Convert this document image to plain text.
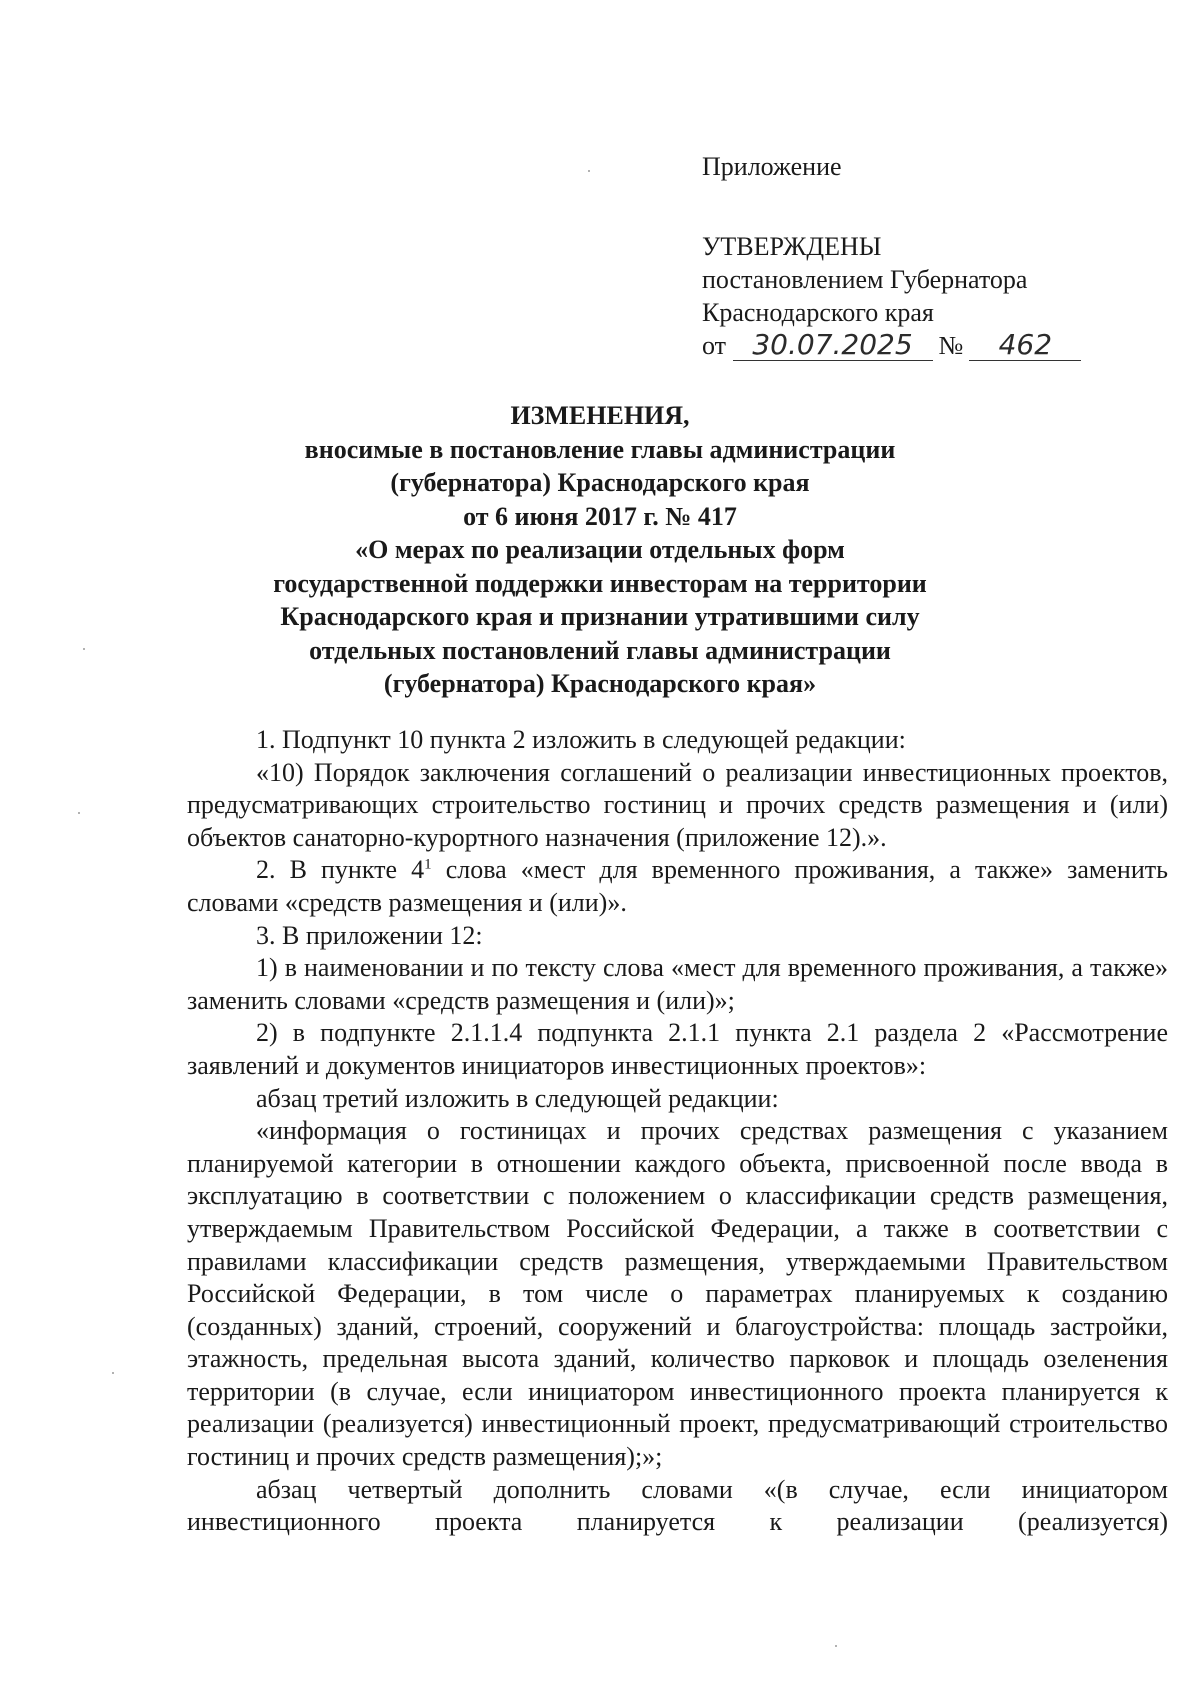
Приложение
УТВЕРЖДЕНЫ
постановлением Губернатора
Краснодарского края
от 30.07.2025 № 462
ИЗМЕНЕНИЯ,
вносимые в постановление главы администрации
(губернатора) Краснодарского края
от 6 июня 2017 г. № 417
«О мерах по реализации отдельных форм
государственной поддержки инвесторам на территории
Краснодарского края и признании утратившими силу
отдельных постановлений главы администрации
(губернатора) Краснодарского края»

1. Подпункт 10 пункта 2 изложить в следующей редакции:

«10) Порядок заключения соглашений о реализации инвестиционных проектов, предусматривающих строительство гостиниц и прочих средств размещения и (или) объектов санаторно-курортного назначения (приложение 12).».

2. В пункте $4^1$ слова «мест для временного проживания, а также» заменить словами «средств размещения и (или)».

3. В приложении 12:

1) в наименовании и по тексту слова «мест для временного проживания, а также» заменить словами «средств размещения и (или)»;

2) в подпункте 2.1.1.4 подпункта 2.1.1 пункта 2.1 раздела 2 «Рассмотрение заявлений и документов инициаторов инвестиционных проектов»:

абзац третий изложить в следующей редакции:

«информация о гостиницах и прочих средствах размещения с указанием планируемой категории в отношении каждого объекта, присвоенной после ввода в эксплуатацию в соответствии с положением о классификации средств размещения, утверждаемым Правительством Российской Федерации, а также в соответствии с правилами классификации средств размещения, утверждаемыми Правительством Российской Федерации, в том числе о параметрах планируемых к созданию (созданных) зданий, строений, сооружений и благоустройства: площадь застройки, этажность, предельная высота зданий, количество парковок и площадь озеленения территории (в случае, если инициатором инвестиционного проекта планируется к реализации (реализуется) инвестиционный проект, предусматривающий строительство гостиниц и прочих средств размещения);»;

абзац четвертый дополнить словами «(в случае, если инициатором инвестиционного проекта планируется к реализации (реализуется)
